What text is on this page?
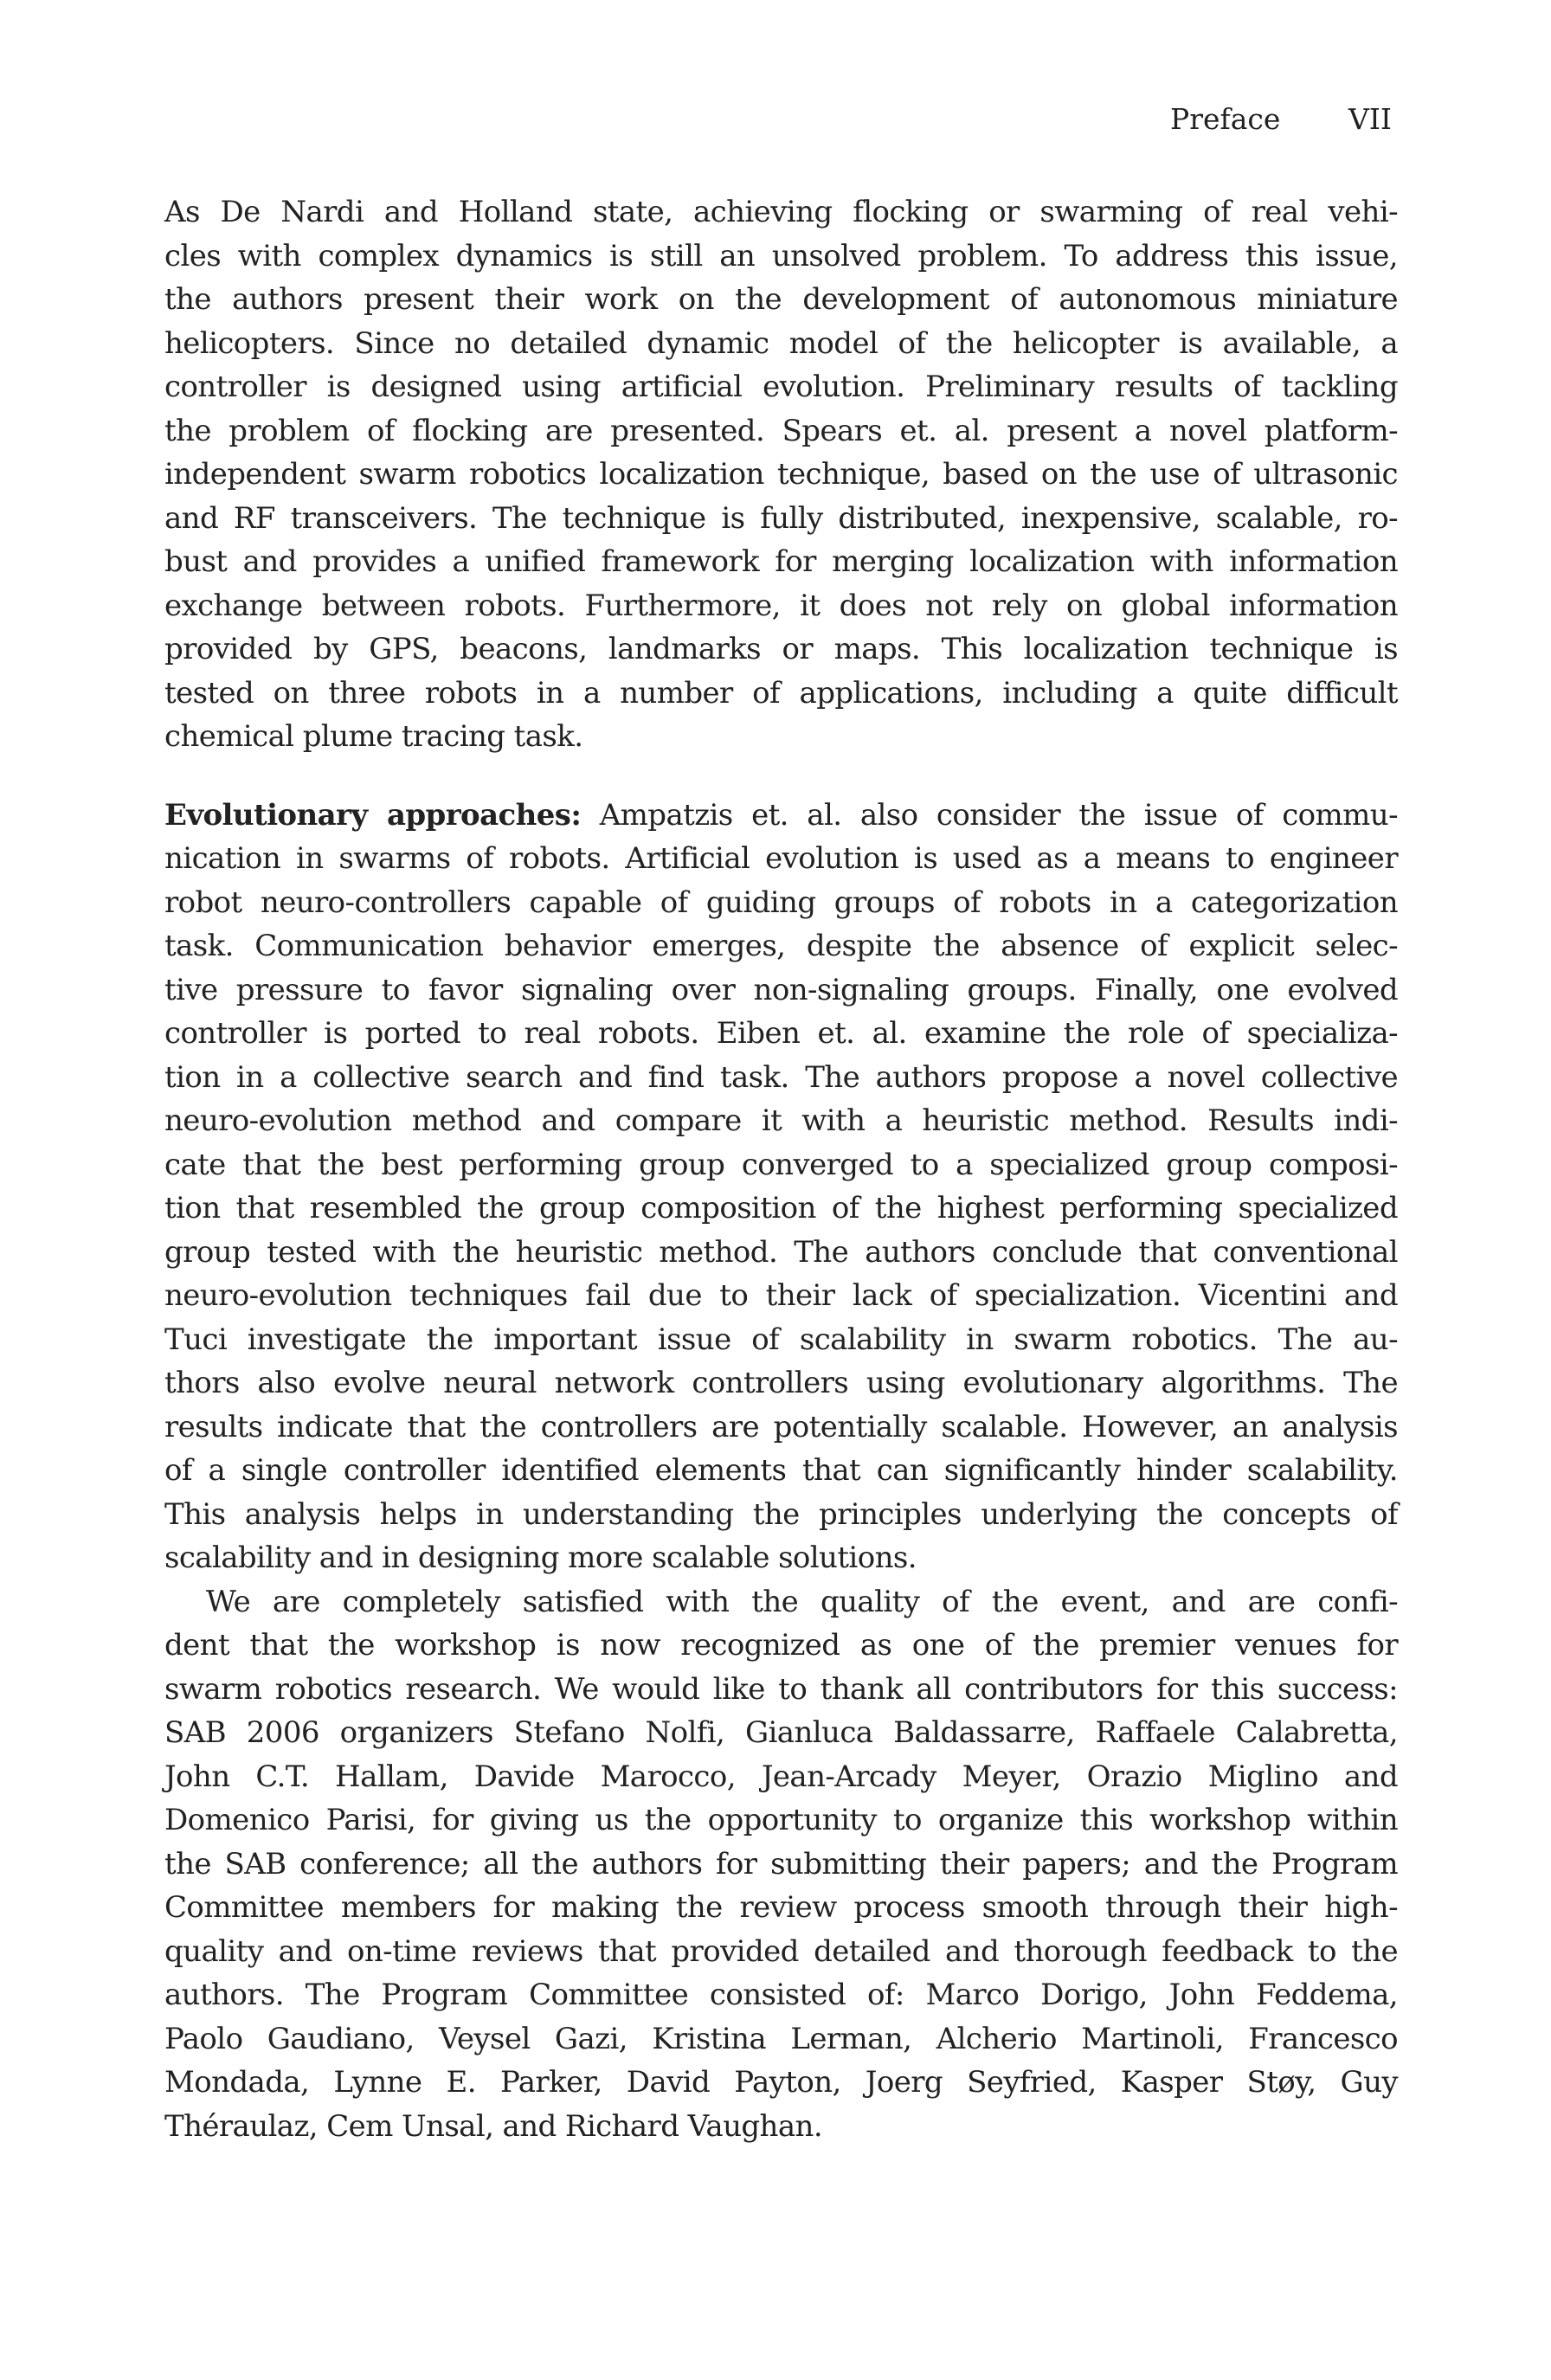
Preface VII
As De Nardi and Holland state, achieving flocking or swarming of real vehi-
cles with complex dynamics is still an unsolved problem. To address this issue,
the authors present their work on the development of autonomous miniature
helicopters. Since no detailed dynamic model of the helicopter is available, a
controller is designed using artificial evolution. Preliminary results of tackling
the problem of flocking are presented. Spears et. al. present a novel platform-
independent swarm robotics localization technique, based on the use of ultrasonic
and RF transceivers. The technique is fully distributed, inexpensive, scalable, ro-
bust and provides a unified framework for merging localization with information
exchange between robots. Furthermore, it does not rely on global information
provided by GPS, beacons, landmarks or maps. This localization technique is
tested on three robots in a number of applications, including a quite difficult
chemical plume tracing task.
Evolutionary approaches: Ampatzis et. al. also consider the issue of commu-
nication in swarms of robots. Artificial evolution is used as a means to engineer
robot neuro-controllers capable of guiding groups of robots in a categorization
task. Communication behavior emerges, despite the absence of explicit selec-
tive pressure to favor signaling over non-signaling groups. Finally, one evolved
controller is ported to real robots. Eiben et. al. examine the role of specializa-
tion in a collective search and find task. The authors propose a novel collective
neuro-evolution method and compare it with a heuristic method. Results indi-
cate that the best performing group converged to a specialized group composi-
tion that resembled the group composition of the highest performing specialized
group tested with the heuristic method. The authors conclude that conventional
neuro-evolution techniques fail due to their lack of specialization. Vicentini and
Tuci investigate the important issue of scalability in swarm robotics. The au-
thors also evolve neural network controllers using evolutionary algorithms. The
results indicate that the controllers are potentially scalable. However, an analysis
of a single controller identified elements that can significantly hinder scalability.
This analysis helps in understanding the principles underlying the concepts of
scalability and in designing more scalable solutions.
We are completely satisfied with the quality of the event, and are confi-
dent that the workshop is now recognized as one of the premier venues for
swarm robotics research. We would like to thank all contributors for this success:
SAB 2006 organizers Stefano Nolfi, Gianluca Baldassarre, Raffaele Calabretta,
John C.T. Hallam, Davide Marocco, Jean-Arcady Meyer, Orazio Miglino and
Domenico Parisi, for giving us the opportunity to organize this workshop within
the SAB conference; all the authors for submitting their papers; and the Program
Committee members for making the review process smooth through their high-
quality and on-time reviews that provided detailed and thorough feedback to the
authors. The Program Committee consisted of: Marco Dorigo, John Feddema,
Paolo Gaudiano, Veysel Gazi, Kristina Lerman, Alcherio Martinoli, Francesco
Mondada, Lynne E. Parker, David Payton, Joerg Seyfried, Kasper Støy, Guy
Théraulaz, Cem Unsal, and Richard Vaughan.
